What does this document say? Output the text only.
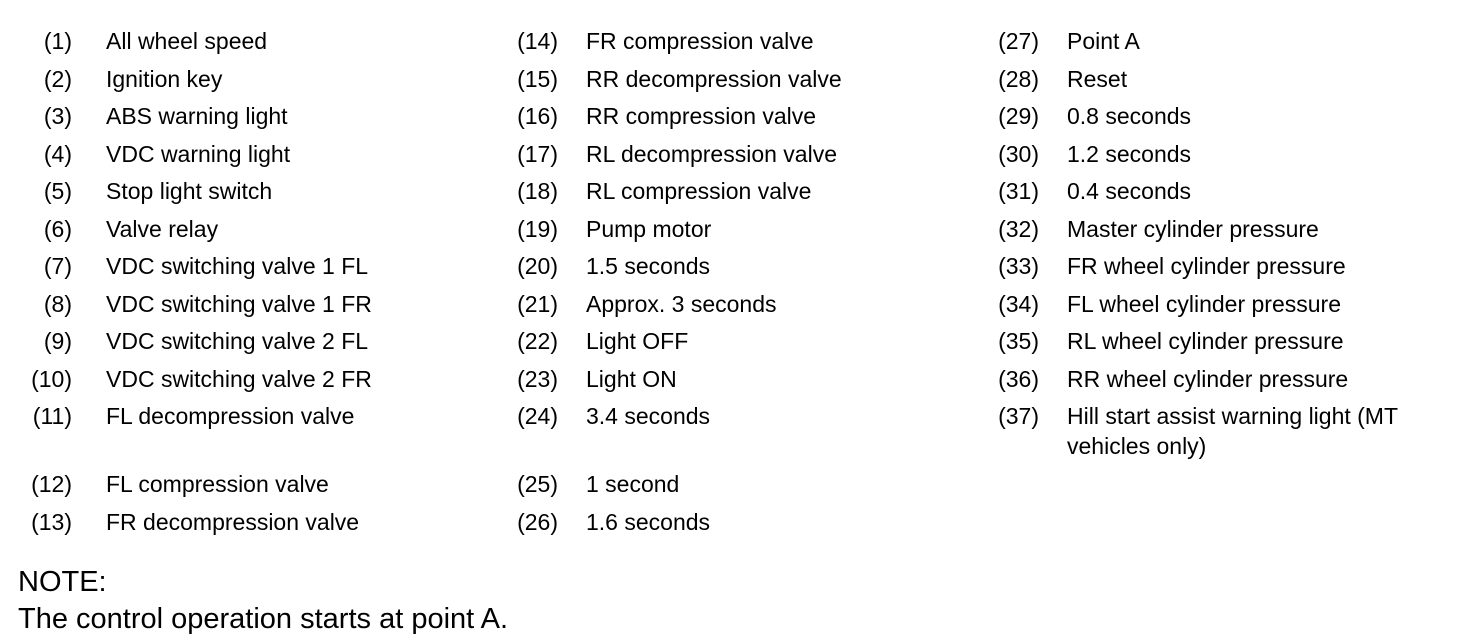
(1) All wheel speed
(2) Ignition key
(3) ABS warning light
(4) VDC warning light
(5) Stop light switch
(6) Valve relay
(7) VDC switching valve 1 FL
(8) VDC switching valve 1 FR
(9) VDC switching valve 2 FL
(10) VDC switching valve 2 FR
(11) FL decompression valve
(12) FL compression valve
(13) FR decompression valve
(14) FR compression valve
(15) RR decompression valve
(16) RR compression valve
(17) RL decompression valve
(18) RL compression valve
(19) Pump motor
(20) 1.5 seconds
(21) Approx. 3 seconds
(22) Light OFF
(23) Light ON
(24) 3.4 seconds
(25) 1 second
(26) 1.6 seconds
(27) Point A
(28) Reset
(29) 0.8 seconds
(30) 1.2 seconds
(31) 0.4 seconds
(32) Master cylinder pressure
(33) FR wheel cylinder pressure
(34) FL wheel cylinder pressure
(35) RL wheel cylinder pressure
(36) RR wheel cylinder pressure
(37) Hill start assist warning light (MT vehicles only)
NOTE:
The control operation starts at point A.
